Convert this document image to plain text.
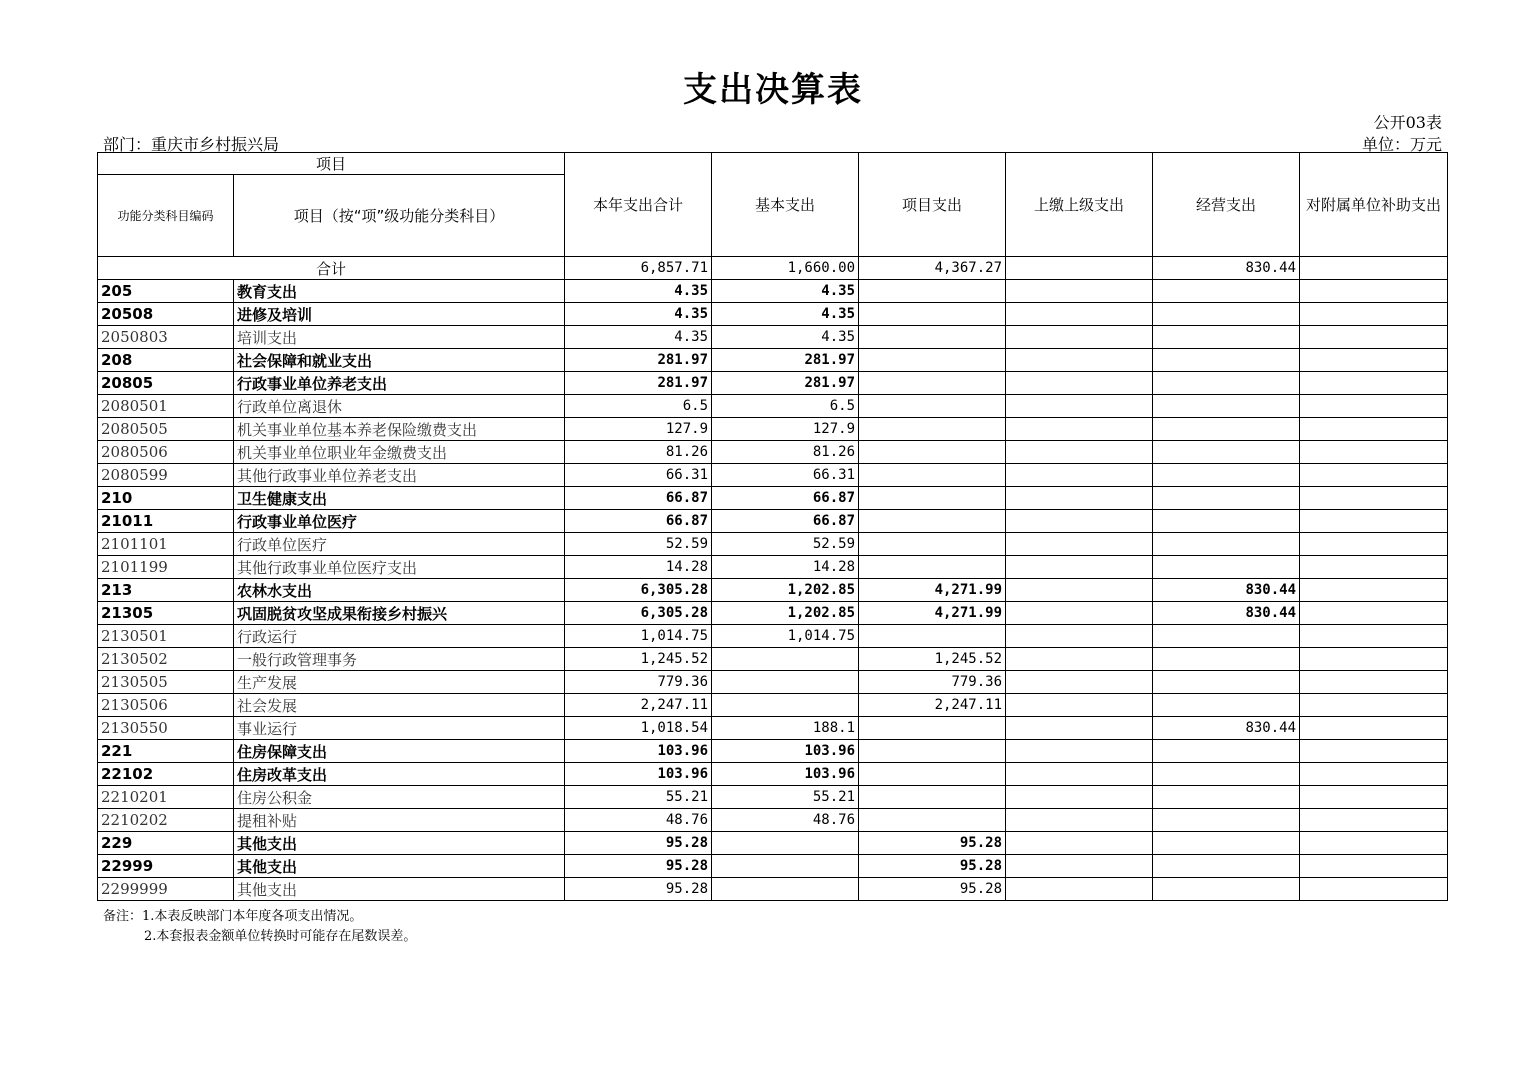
支出决算表
公开03表
部门：重庆市乡村振兴局	单位：万元
项目		本年支出合计	基本支出	项目支出	上缴上级支出	经营支出	对附属单位补助支出
功能分类科目编码	项目（按“项”级功能分类科目）						
合计		6,857.71	1,660.00	4,367.27		830.44	
205	教育支出	4.35	4.35				
20508	进修及培训	4.35	4.35				
2050803	培训支出	4.35	4.35				
208	社会保障和就业支出	281.97	281.97				
20805	行政事业单位养老支出	281.97	281.97				
2080501	行政单位离退休	6.5	6.5				
2080505	机关事业单位基本养老保险缴费支出	127.9	127.9				
2080506	机关事业单位职业年金缴费支出	81.26	81.26				
2080599	其他行政事业单位养老支出	66.31	66.31				
210	卫生健康支出	66.87	66.87				
21011	行政事业单位医疗	66.87	66.87				
2101101	行政单位医疗	52.59	52.59				
2101199	其他行政事业单位医疗支出	14.28	14.28				
213	农林水支出	6,305.28	1,202.85	4,271.99		830.44	
21305	巩固脱贫攻坚成果衔接乡村振兴	6,305.28	1,202.85	4,271.99		830.44	
2130501	行政运行	1,014.75	1,014.75				
2130502	一般行政管理事务	1,245.52		1,245.52			
2130505	生产发展	779.36		779.36			
2130506	社会发展	2,247.11		2,247.11			
2130550	事业运行	1,018.54	188.1			830.44	
221	住房保障支出	103.96	103.96				
22102	住房改革支出	103.96	103.96				
2210201	住房公积金	55.21	55.21				
2210202	提租补贴	48.76	48.76				
229	其他支出	95.28		95.28			
22999	其他支出	95.28		95.28			
2299999	其他支出	95.28		95.28			
备注：1.本表反映部门本年度各项支出情况。
2.本套报表金额单位转换时可能存在尾数误差。
